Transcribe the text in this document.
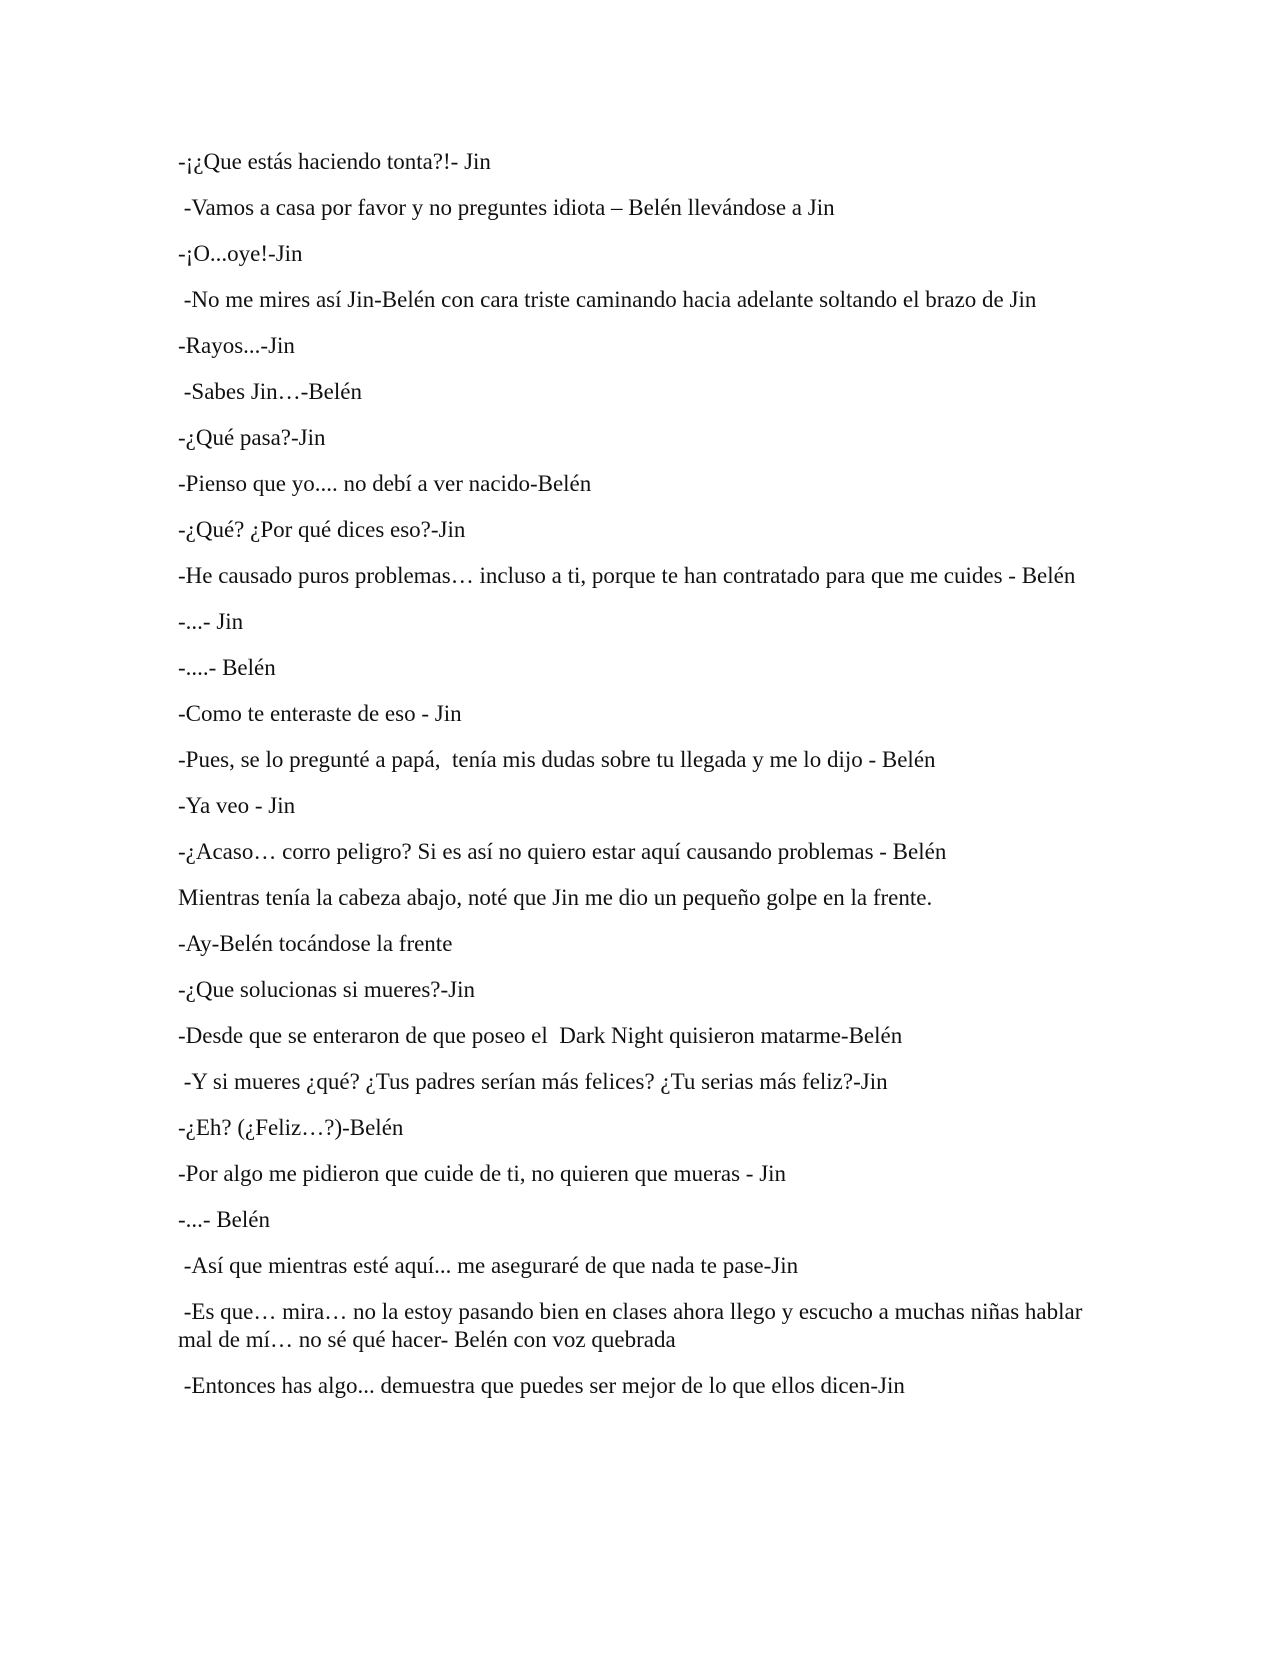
-¡¿Que estás haciendo tonta?!- Jin

-Vamos a casa por favor y no preguntes idiota – Belén llevándose a Jin

-¡O...oye!-Jin

-No me mires así Jin-Belén con cara triste caminando hacia adelante soltando el brazo de Jin

-Rayos...-Jin

-Sabes Jin…-Belén

-¿Qué pasa?-Jin

-Pienso que yo.... no debí a ver nacido-Belén

-¿Qué? ¿Por qué dices eso?-Jin

-He causado puros problemas… incluso a ti, porque te han contratado para que me cuides - Belén

-...- Jin

-....- Belén

-Como te enteraste de eso - Jin

-Pues, se lo pregunté a papá,  tenía mis dudas sobre tu llegada y me lo dijo - Belén

-Ya veo - Jin

-¿Acaso… corro peligro? Si es así no quiero estar aquí causando problemas - Belén

Mientras tenía la cabeza abajo, noté que Jin me dio un pequeño golpe en la frente.

-Ay-Belén tocándose la frente

-¿Que solucionas si mueres?-Jin

-Desde que se enteraron de que poseo el  Dark Night quisieron matarme-Belén

-Y si mueres ¿qué? ¿Tus padres serían más felices? ¿Tu serias más feliz?-Jin

-¿Eh? (¿Feliz…?)-Belén

-Por algo me pidieron que cuide de ti, no quieren que mueras - Jin

-...- Belén

-Así que mientras esté aquí... me aseguraré de que nada te pase-Jin

-Es que… mira… no la estoy pasando bien en clases ahora llego y escucho a muchas niñas hablar mal de mí… no sé qué hacer- Belén con voz quebrada

-Entonces has algo... demuestra que puedes ser mejor de lo que ellos dicen-Jin
